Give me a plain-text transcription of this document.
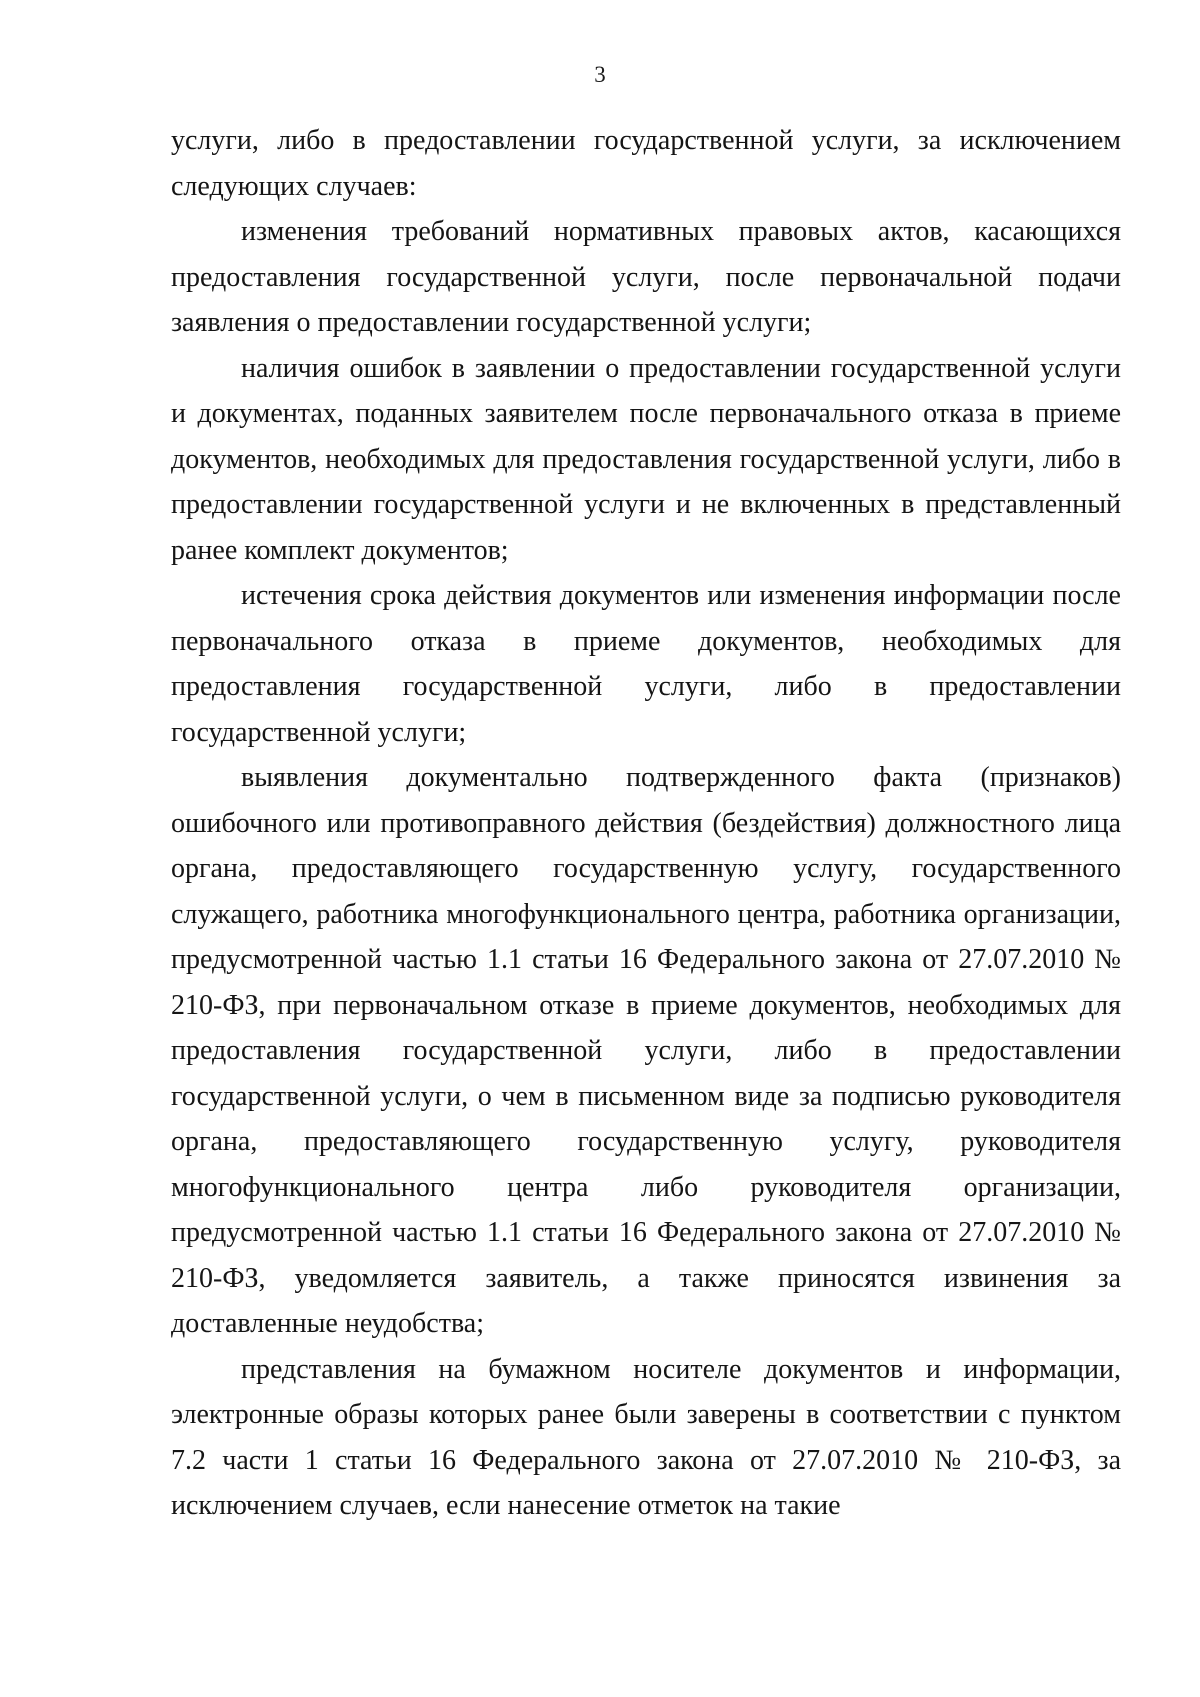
3

услуги, либо в предоставлении государственной услуги, за исключением следующих случаев:

изменения требований нормативных правовых актов, касающихся предоставления государственной услуги, после первоначальной подачи заявления о предоставлении государственной услуги;

наличия ошибок в заявлении о предоставлении государственной услуги и документах, поданных заявителем после первоначального отказа в приеме документов, необходимых для предоставления государственной услуги, либо в предоставлении государственной услуги и не включенных в представленный ранее комплект документов;

истечения срока действия документов или изменения информации после первоначального отказа в приеме документов, необходимых для предоставления государственной услуги, либо в предоставлении государственной услуги;

выявления документально подтвержденного факта (признаков) ошибочного или противоправного действия (бездействия) должностного лица органа, предоставляющего государственную услугу, государственного служащего, работника многофункционального центра, работника организации, предусмотренной частью 1.1 статьи 16 Федерального закона от 27.07.2010 № 210-ФЗ, при первоначальном отказе в приеме документов, необходимых для предоставления государственной услуги, либо в предоставлении государственной услуги, о чем в письменном виде за подписью руководителя органа, предоставляющего государственную услугу, руководителя многофункционального центра либо руководителя организации, предусмотренной частью 1.1 статьи 16 Федерального закона от 27.07.2010 № 210-ФЗ, уведомляется заявитель, а также приносятся извинения за доставленные неудобства;

представления на бумажном носителе документов и информации, электронные образы которых ранее были заверены в соответствии с пунктом 7.2 части 1 статьи 16 Федерального закона от 27.07.2010 № 210-ФЗ, за исключением случаев, если нанесение отметок на такие
